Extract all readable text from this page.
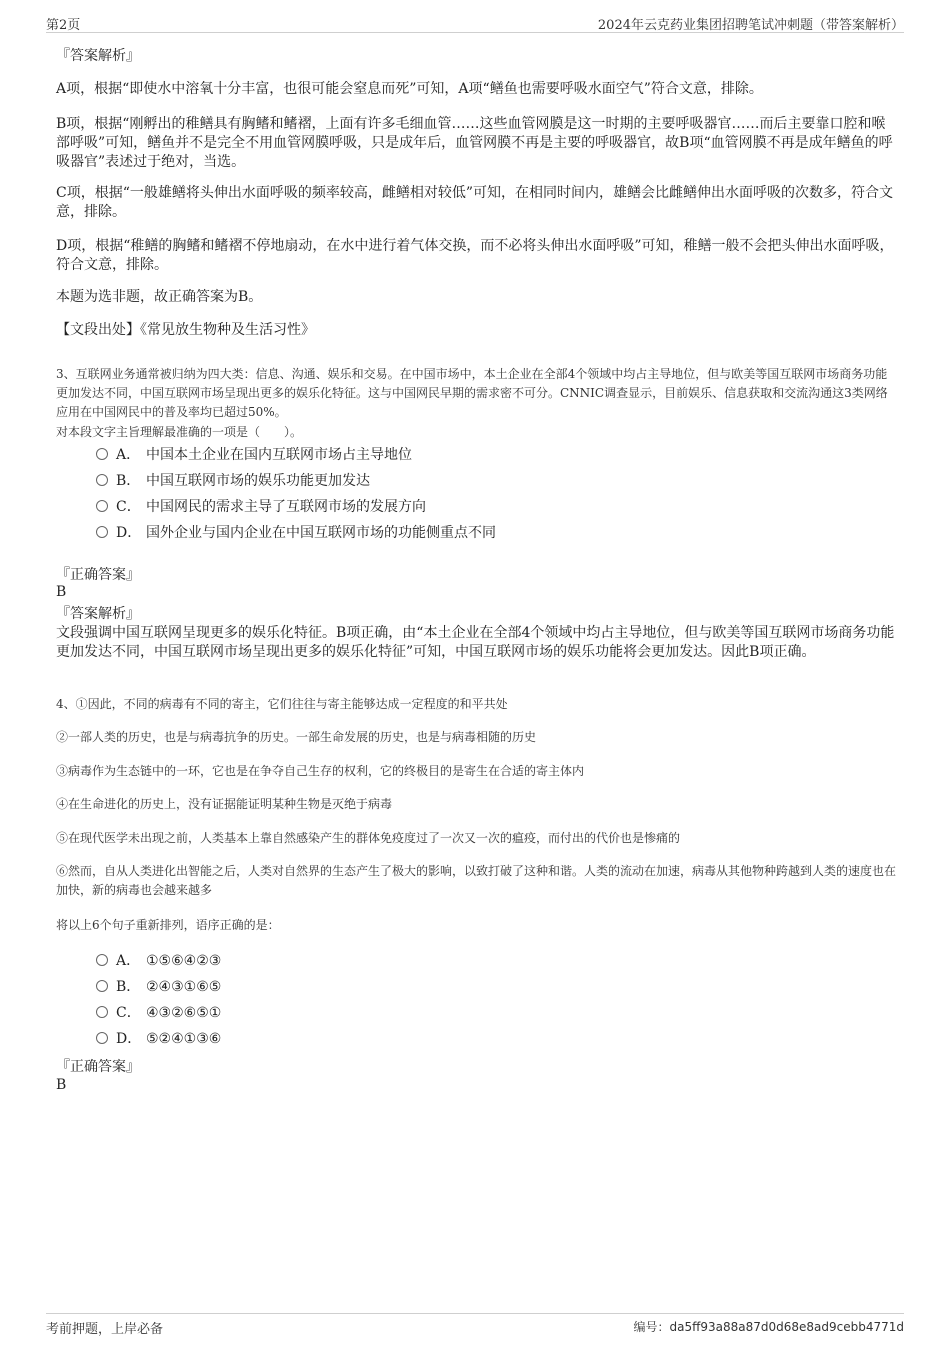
第2页	2024年云克药业集团招聘笔试冲刺题（带答案解析）

『答案解析』

A项，根据“即使水中溶氧十分丰富，也很可能会窒息而死”可知，A项“鳝鱼也需要呼吸水面空气”符合文意，排除。

B项，根据“刚孵出的稚鳝具有胸鳍和鳍褶，上面有许多毛细血管……这些血管网膜是这一时期的主要呼吸器官……而后主要靠口腔和喉部呼吸”可知，鳝鱼并不是完全不用血管网膜呼吸，只是成年后，血管网膜不再是主要的呼吸器官，故B项“血管网膜不再是成年鳝鱼的呼吸器官”表述过于绝对，当选。

C项，根据“一般雄鳝将头伸出水面呼吸的频率较高，雌鳝相对较低”可知，在相同时间内，雄鳝会比雌鳝伸出水面呼吸的次数多，符合文意，排除。

D项，根据“稚鳝的胸鳍和鳍褶不停地扇动，在水中进行着气体交换，而不必将头伸出水面呼吸”可知，稚鳝一般不会把头伸出水面呼吸，符合文意，排除。

本题为选非题，故正确答案为B。

【文段出处】《常见放生物种及生活习性》

3、互联网业务通常被归纳为四大类：信息、沟通、娱乐和交易。在中国市场中，本土企业在全部4个领域中均占主导地位，但与欧美等国互联网市场商务功能更加发达不同，中国互联网市场呈现出更多的娱乐化特征。这与中国网民早期的需求密不可分。CNNIC调查显示，目前娱乐、信息获取和交流沟通这3类网络应用在中国网民中的普及率均已超过50%。

对本段文字主旨理解最准确的一项是（　　）。

A． 中国本土企业在国内互联网市场占主导地位
B． 中国互联网市场的娱乐功能更加发达
C． 中国网民的需求主导了互联网市场的发展方向
D． 国外企业与国内企业在中国互联网市场的功能侧重点不同

『正确答案』

B

『答案解析』

文段强调中国互联网呈现更多的娱乐化特征。B项正确，由“本土企业在全部4个领域中均占主导地位，但与欧美等国互联网市场商务功能更加发达不同，中国互联网市场呈现出更多的娱乐化特征”可知，中国互联网市场的娱乐功能将会更加发达。因此B项正确。

4、①因此，不同的病毒有不同的寄主，它们往往与寄主能够达成一定程度的和平共处

②一部人类的历史，也是与病毒抗争的历史。一部生命发展的历史，也是与病毒相随的历史

③病毒作为生态链中的一环，它也是在争夺自己生存的权利，它的终极目的是寄生在合适的寄主体内

④在生命进化的历史上，没有证据能证明某种生物是灭绝于病毒

⑤在现代医学未出现之前，人类基本上靠自然感染产生的群体免疫度过了一次又一次的瘟疫，而付出的代价也是惨痛的

⑥然而，自从人类进化出智能之后，人类对自然界的生态产生了极大的影响，以致打破了这种和谐。人类的流动在加速，病毒从其他物种跨越到人类的速度也在加快，新的病毒也会越来越多

将以上6个句子重新排列，语序正确的是：

A． ①⑤⑥④②③
B． ②④③①⑥⑤
C． ④③②⑥⑤①
D． ⑤②④①③⑥

『正确答案』

B

考前押题，上岸必备	编号：da5ff93a88a87d0d68e8ad9cebb4771d
